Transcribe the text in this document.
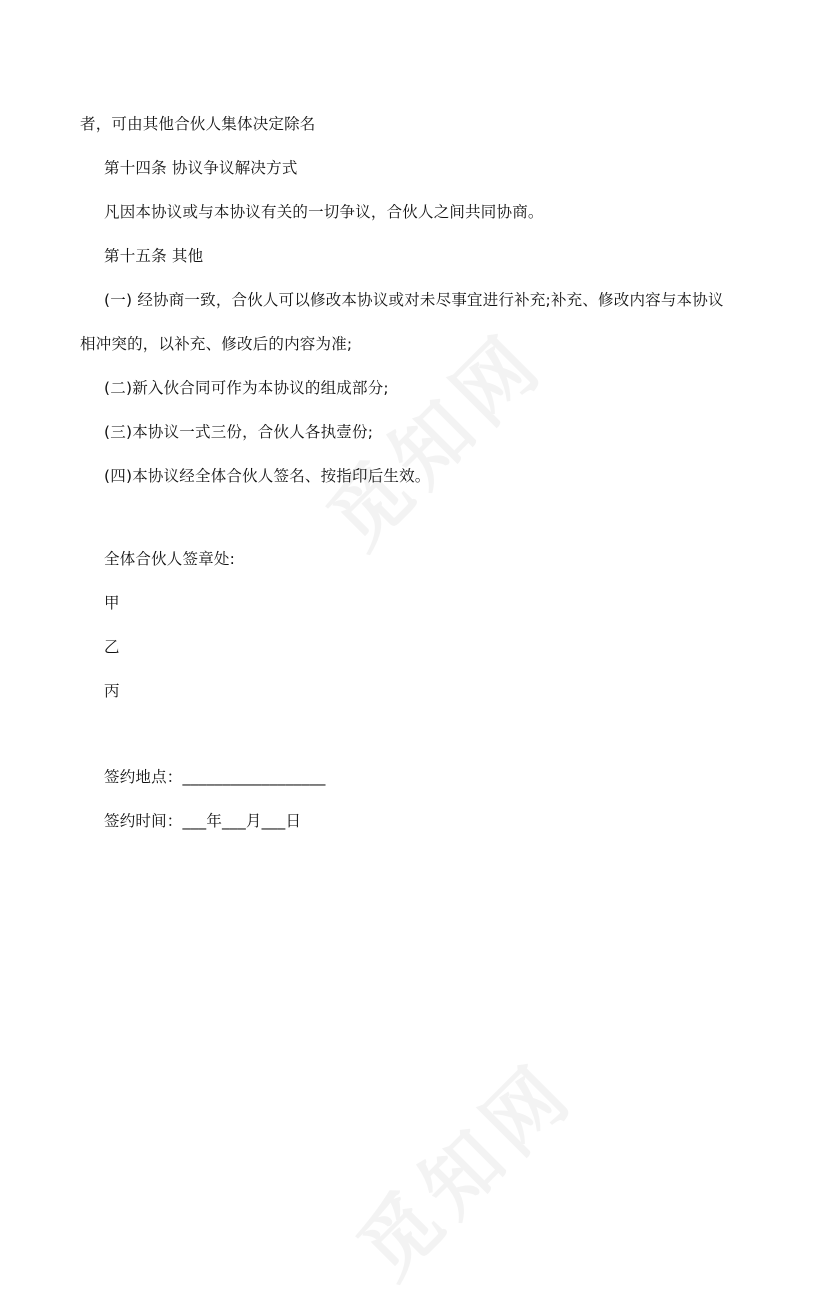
者，可由其他合伙人集体决定除名
第十四条 协议争议解决方式
凡因本协议或与本协议有关的一切争议，合伙人之间共同协商。
第十五条 其他
(一) 经协商一致，合伙人可以修改本协议或对未尽事宜进行补充;补充、修改内容与本协议
相冲突的，以补充、修改后的内容为准;
(二)新入伙合同可作为本协议的组成部分;
(三)本协议一式三份，合伙人各执壹份;
(四)本协议经全体合伙人签名、按指印后生效。
全体合伙人签章处:
甲
乙
丙
签约地点：__________________
签约时间：___年___月___日
